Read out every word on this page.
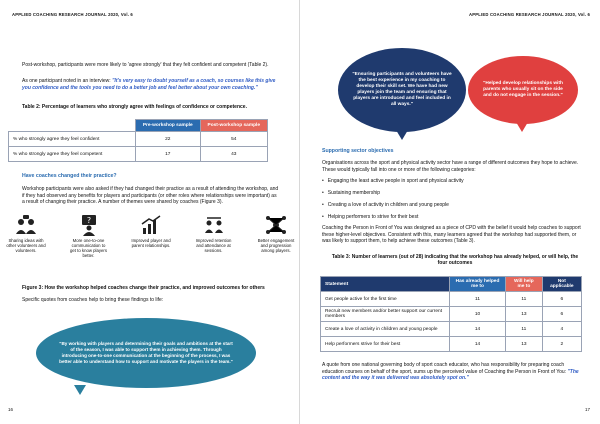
APPLIED COACHING RESEARCH JOURNAL 2020, Vol. 6

Post-workshop, participants were more likely to 'agree strongly' that they felt confident and competent (Table 2).

As one participant noted in an interview: "It's very easy to doubt yourself as a coach, so courses like this give you confidence and the tools you need to do a better job and feel better about your own coaching."

Table 2: Percentage of learners who strongly agree with feelings of confidence or competence.
	Pre-workshop sample	Post-workshop sample
% who strongly agree they feel confident	22	54
% who strongly agree they feel competent	17	43
Have coaches changed their practice?

Workshop participants were also asked if they had changed their practice as a result of attending the workshop, and if they had observed any benefits for players and participants (or other roles where relationships were important) as a result of changing their practice. A number of themes were shared by coaches (Figure 3).

Sharing ideas with other volunteers and volunteers.
?
More one-to-one communication to get to know players better.
Improved player and parent relationships.
Improved retention and attendance at sessions.
Better engagement and progression among players.
Figure 3: How the workshop helped coaches change their practice, and improved outcomes for others

Specific quotes from coaches help to bring these findings to life:

"By working with players and determining their goals and ambitions at the start of the season, I was able to support them in achieving them. Through introducing one-to-one communication at the beginning of the process, I was better able to understand how to support and motivate the players in the team."
16
APPLIED COACHING RESEARCH JOURNAL 2020, Vol. 6
"Ensuring participants and volunteers have the best experience in my coaching to develop their skill set. We have had new players join the team and ensuring that players are introduced and feel included in all ways."
"Helped develop relationships with parents who usually sit on the side and do not engage in the session."
Supporting sector objectives

Organisations across the sport and physical activity sector have a range of different outcomes they hope to achieve. These would typically fall into one or more of the following categories:

• Engaging the least active people in sport and physical activity
• Sustaining membership
• Creating a love of activity in children and young people
• Helping performers to strive for their best

Coaching the Person in Front of You was designed as a piece of CPD with the belief it would help coaches to support these higher-level objectives. Consistent with this, many learners agreed that the workshop had supported them, or was likely to support them, to help achieve these outcomes (Table 3).

Table 3: Number of learners (out of 28) indicating that the workshop has already helped, or will help, the four outcomes
Statement	Has already helped me to	Will help me to	Not applicable
Get people active for the first time	11	11	6
Recruit new members and/or better support our current members	10	13	6
Create a love of activity in children and young people	14	11	4
Help performers strive for their best	14	13	2

A quote from one national governing body of sport coach educator, who has responsibility for preparing coach education courses on behalf of the sport, sums up the perceived value of Coaching the Person in Front of You: "The content and the way it was delivered was absolutely spot on."

17
